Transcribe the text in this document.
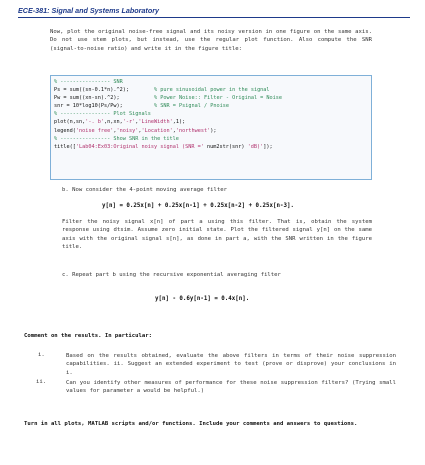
ECE-381: Signal and Systems Laboratory

Now, plot the original noise-free signal and its noisy version in one figure on the same axis. Do not use stem plots, but instead, use the regular plot function. Also compute the SNR (signal-to-noise ratio) and write it in the figure title:

% ---------------- SNR
Ps = sum((sn-0.1*n).^2);	% pure sinusoidal power in the signal
Pw = sum((xn-sn).^2);	% Power Noise:: Filter - Original = Noise
snr = 10*log10(Ps/Pw);	% SNR = Psignal / Pnoise
% ---------------- Plot Signals
plot(n,sn,'-. b',n,xn,'-r','LineWidth',1);
legend('noise free','noisy','Location','northwest');
% ---------------- Show SNR in the title
title(['Lab04:Ex03:Original noisy signal (SNR =' num2str(snr) 'dB)']);

b. Now consider the 4-point moving average filter

y[n] = 0.25x[n] + 0.25x[n-1] + 0.25x[n-2] + 0.25x[n-3].

Filter the noisy signal x[n] of part a using this filter. That is, obtain the system response using dtsim. Assume zero initial state. Plot the filtered signal y[n] on the same axis with the original signal s[n], as done in part a, with the SNR written in the figure title.

c. Repeat part b using the recursive exponential averaging filter

y[n] - 0.6y[n-1] = 0.4x[n].

Comment on the results. In particular:

i.	Based on the results obtained, evaluate the above filters in terms of their noise suppression capabilities. ii. Suggest an extended experiment to test (prove or disprove) your conclusions in i.

ii.	Can you identify other measures of performance for these noise suppression filters? (Trying small values for parameter a would be helpful.)

Turn in all plots, MATLAB scripts and/or functions. Include your comments and answers to questions.
